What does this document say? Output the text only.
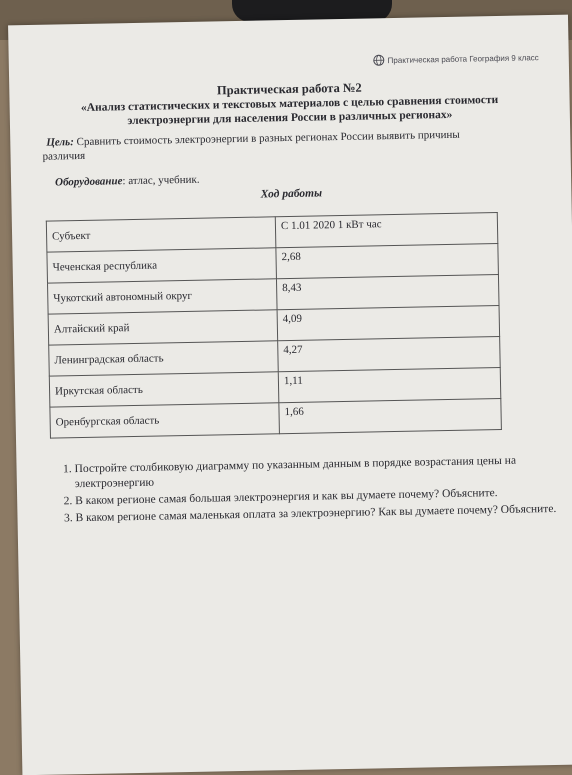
Практическая работа География 9 класс
Практическая работа №2
«Анализ статистических и текстовых материалов с целью сравнения стоимости
электроэнергии для населения России в различных регионах»
Цель: Сравнить стоимость электроэнергии в разных регионах России выявить причины
различия
Оборудование: атлас, учебник.
Ход работы
Субъект	С 1.01 2020 1 кВт час
Чеченская республика	2,68
Чукотский автономный округ	8,43
Алтайский край	4,09
Ленинградская область	4,27
Иркутская область	1,11
Оренбургская область	1,66
1. Постройте столбиковую диаграмму по указанным данным в порядке возрастания цены на электроэнергию
2. В каком регионе самая большая электроэнергия и как вы думаете почему? Объясните.
3. В каком регионе самая маленькая оплата за электроэнергию? Как вы думаете почему? Объясните.
